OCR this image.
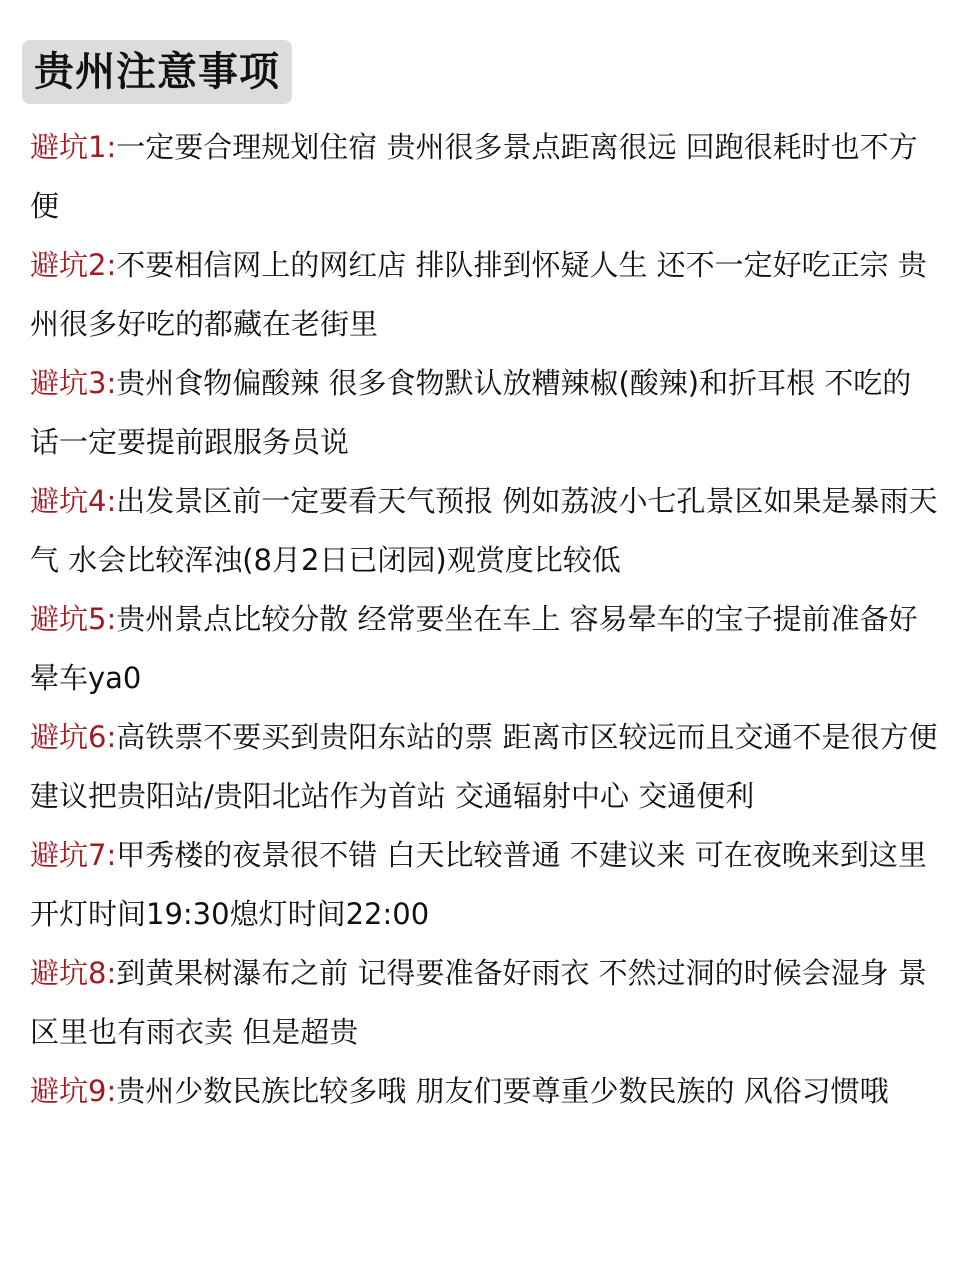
贵州注意事项

避坑1:一定要合理规划住宿 贵州很多景点距离很远 回跑很耗时也不方便

避坑2:不要相信网上的网红店 排队排到怀疑人生 还不一定好吃正宗 贵州很多好吃的都藏在老街里

避坑3:贵州食物偏酸辣 很多食物默认放糟辣椒(酸辣)和折耳根 不吃的话一定要提前跟服务员说

避坑4:出发景区前一定要看天气预报 例如荔波小七孔景区如果是暴雨天气 水会比较浑浊(8月2日已闭园)观赏度比较低

避坑5:贵州景点比较分散 经常要坐在车上 容易晕车的宝子提前准备好晕车ya0

避坑6:高铁票不要买到贵阳东站的票 距离市区较远而且交通不是很方便 建议把贵阳站/贵阳北站作为首站 交通辐射中心 交通便利

避坑7:甲秀楼的夜景很不错 白天比较普通 不建议来 可在夜晚来到这里 开灯时间19:30熄灯时间22:00

避坑8:到黄果树瀑布之前 记得要准备好雨衣 不然过洞的时候会湿身 景区里也有雨衣卖 但是超贵

避坑9:贵州少数民族比较多哦 朋友们要尊重少数民族的 风俗习惯哦
